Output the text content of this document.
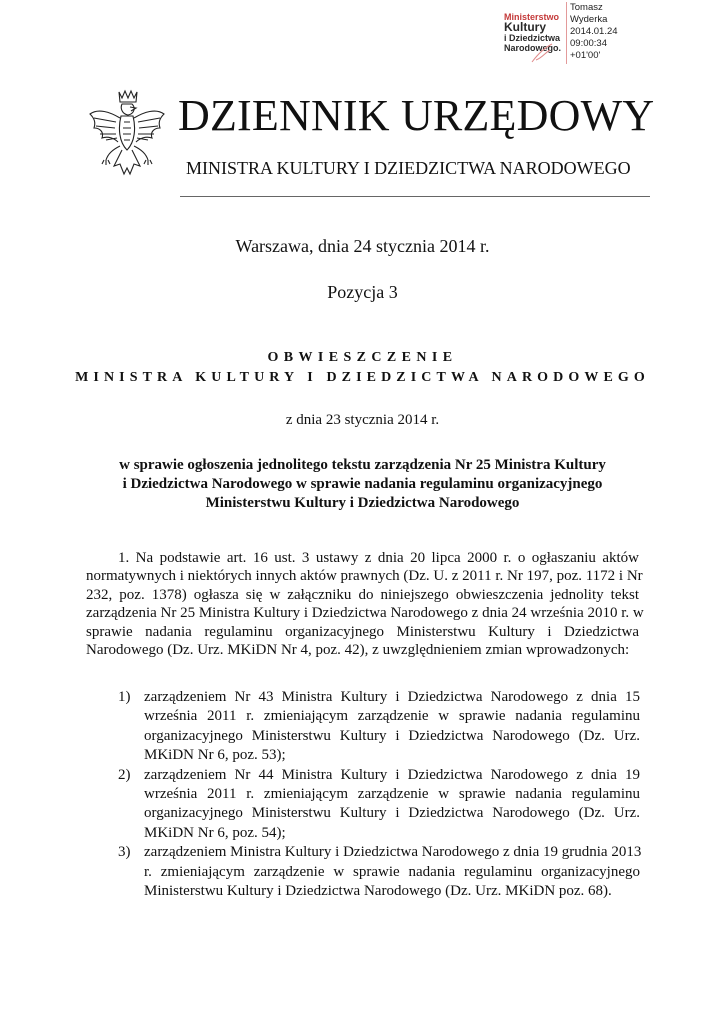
Ministerstwo
Kultury
i Dziedzictwa
Narodowego.
Tomasz
Wyderka
2014.01.24
09:00:34
+01'00'
DZIENNIK URZĘDOWY
MINISTRA KULTURY I DZIEDZICTWA NARODOWEGO
Warszawa, dnia 24 stycznia 2014 r.
Pozycja 3
OBWIESZCZENIE
MINISTRA KULTURY I DZIEDZICTWA NARODOWEGO
z dnia 23 stycznia 2014 r.
w sprawie ogłoszenia jednolitego tekstu zarządzenia Nr 25 Ministra Kultury
i Dziedzictwa Narodowego w sprawie nadania regulaminu organizacyjnego
Ministerstwu Kultury i Dziedzictwa Narodowego
1. Na podstawie art. 16 ust. 3 ustawy z dnia 20 lipca 2000 r. o ogłaszaniu aktów
normatywnych i niektórych innych aktów prawnych (Dz. U. z 2011 r. Nr 197, poz. 1172 i Nr
232, poz. 1378) ogłasza się w załączniku do niniejszego obwieszczenia jednolity tekst
zarządzenia Nr 25 Ministra Kultury i Dziedzictwa Narodowego z dnia 24 września 2010 r. w
sprawie nadania regulaminu organizacyjnego Ministerstwu Kultury i Dziedzictwa
Narodowego (Dz. Urz. MKiDN Nr 4, poz. 42), z uwzględnieniem zmian wprowadzonych:
1) zarządzeniem Nr 43 Ministra Kultury i Dziedzictwa Narodowego z dnia 15
września 2011 r. zmieniającym zarządzenie w sprawie nadania regulaminu
organizacyjnego Ministerstwu Kultury i Dziedzictwa Narodowego (Dz. Urz.
MKiDN Nr 6, poz. 53);
2) zarządzeniem Nr 44 Ministra Kultury i Dziedzictwa Narodowego z dnia 19
września 2011 r. zmieniającym zarządzenie w sprawie nadania regulaminu
organizacyjnego Ministerstwu Kultury i Dziedzictwa Narodowego (Dz. Urz.
MKiDN Nr 6, poz. 54);
3) zarządzeniem Ministra Kultury i Dziedzictwa Narodowego z dnia 19 grudnia 2013
r. zmieniającym zarządzenie w sprawie nadania regulaminu organizacyjnego
Ministerstwu Kultury i Dziedzictwa Narodowego (Dz. Urz. MKiDN poz. 68).
